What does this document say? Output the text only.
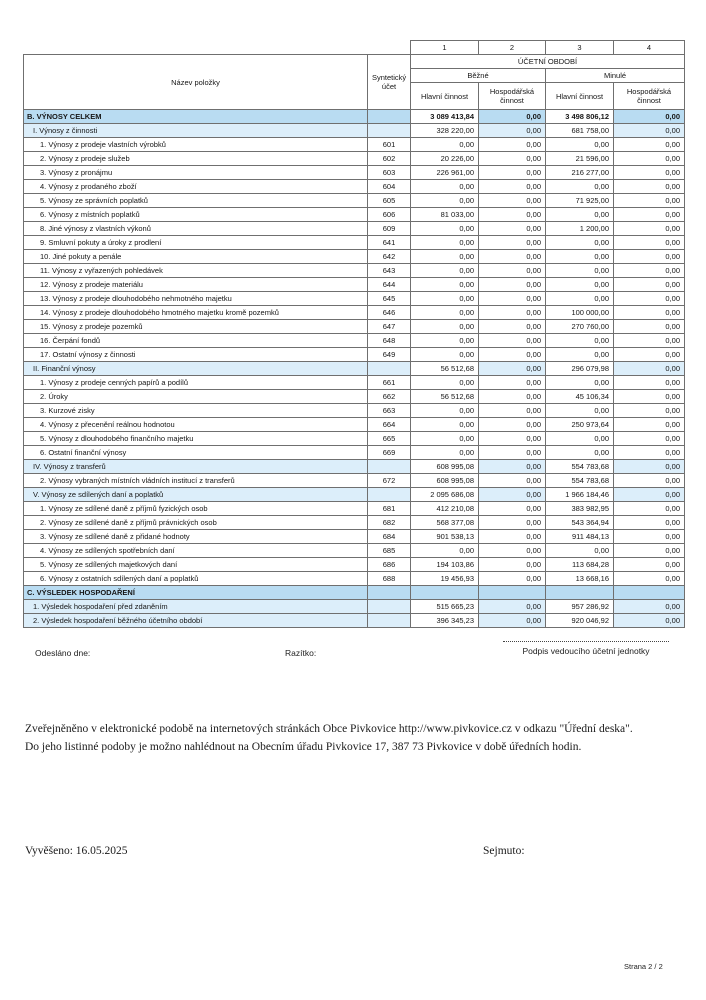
		1	2	3	4
Název položky	Syntetický účet	ÚČETNÍ OBDOBÍ			
		Běžné		Minulé	
		Hlavní činnost	Hospodářská činnost	Hlavní činnost	Hospodářská činnost
B. VÝNOSY CELKEM		3 089 413,84	0,00	3 498 806,12	0,00
I. Výnosy z činnosti		328 220,00	0,00	681 758,00	0,00
1. Výnosy z prodeje vlastních výrobků	601	0,00	0,00	0,00	0,00
2. Výnosy z prodeje služeb	602	20 226,00	0,00	21 596,00	0,00
3. Výnosy z pronájmu	603	226 961,00	0,00	216 277,00	0,00
4. Výnosy z prodaného zboží	604	0,00	0,00	0,00	0,00
5. Výnosy ze správních poplatků	605	0,00	0,00	71 925,00	0,00
6. Výnosy z místních poplatků	606	81 033,00	0,00	0,00	0,00
8. Jiné výnosy z vlastních výkonů	609	0,00	0,00	1 200,00	0,00
9. Smluvní pokuty a úroky z prodlení	641	0,00	0,00	0,00	0,00
10. Jiné pokuty a penále	642	0,00	0,00	0,00	0,00
11. Výnosy z vyřazených pohledávek	643	0,00	0,00	0,00	0,00
12. Výnosy z prodeje materiálu	644	0,00	0,00	0,00	0,00
13. Výnosy z prodeje dlouhodobého nehmotného majetku	645	0,00	0,00	0,00	0,00
14. Výnosy z prodeje dlouhodobého hmotného majetku kromě pozemků	646	0,00	0,00	100 000,00	0,00
15. Výnosy z prodeje pozemků	647	0,00	0,00	270 760,00	0,00
16. Čerpání fondů	648	0,00	0,00	0,00	0,00
17. Ostatní výnosy z činnosti	649	0,00	0,00	0,00	0,00
II. Finanční výnosy		56 512,68	0,00	296 079,98	0,00
1. Výnosy z prodeje cenných papírů a podílů	661	0,00	0,00	0,00	0,00
2. Úroky	662	56 512,68	0,00	45 106,34	0,00
3. Kurzové zisky	663	0,00	0,00	0,00	0,00
4. Výnosy z přecenění reálnou hodnotou	664	0,00	0,00	250 973,64	0,00
5. Výnosy z dlouhodobého finančního majetku	665	0,00	0,00	0,00	0,00
6. Ostatní finanční výnosy	669	0,00	0,00	0,00	0,00
IV. Výnosy z transferů		608 995,08	0,00	554 783,68	0,00
2. Výnosy vybraných místních vládních institucí z transferů	672	608 995,08	0,00	554 783,68	0,00
V. Výnosy ze sdílených daní a poplatků		2 095 686,08	0,00	1 966 184,46	0,00
1. Výnosy ze sdílené daně z příjmů fyzických osob	681	412 210,08	0,00	383 982,95	0,00
2. Výnosy ze sdílené daně z příjmů právnických osob	682	568 377,08	0,00	543 364,94	0,00
3. Výnosy ze sdílené daně z přidané hodnoty	684	901 538,13	0,00	911 484,13	0,00
4. Výnosy ze sdílených spotřebních daní	685	0,00	0,00	0,00	0,00
5. Výnosy ze sdílených majetkových daní	686	194 103,86	0,00	113 684,28	0,00
6. Výnosy z ostatních sdílených daní a poplatků	688	19 456,93	0,00	13 668,16	0,00
C. VÝSLEDEK HOSPODAŘENÍ					
1. Výsledek hospodaření před zdaněním		515 665,23	0,00	957 286,92	0,00
2. Výsledek hospodaření běžného účetního období		396 345,23	0,00	920 046,92	0,00
Odesláno dne:	Razítko:	Podpis vedoucího účetní jednotky
Zveřejněněno v elektronické podobě na internetových stránkách Obce Pivkovice http://www.pivkovice.cz v odkazu "Úřední deska".
Do jeho listinné podoby je možno nahlédnout na Obecním úřadu Pivkovice 17, 387 73 Pivkovice v době úředních hodin.
Vyvěšeno: 16.05.2025	Sejmuto:
Strana 2 / 2
